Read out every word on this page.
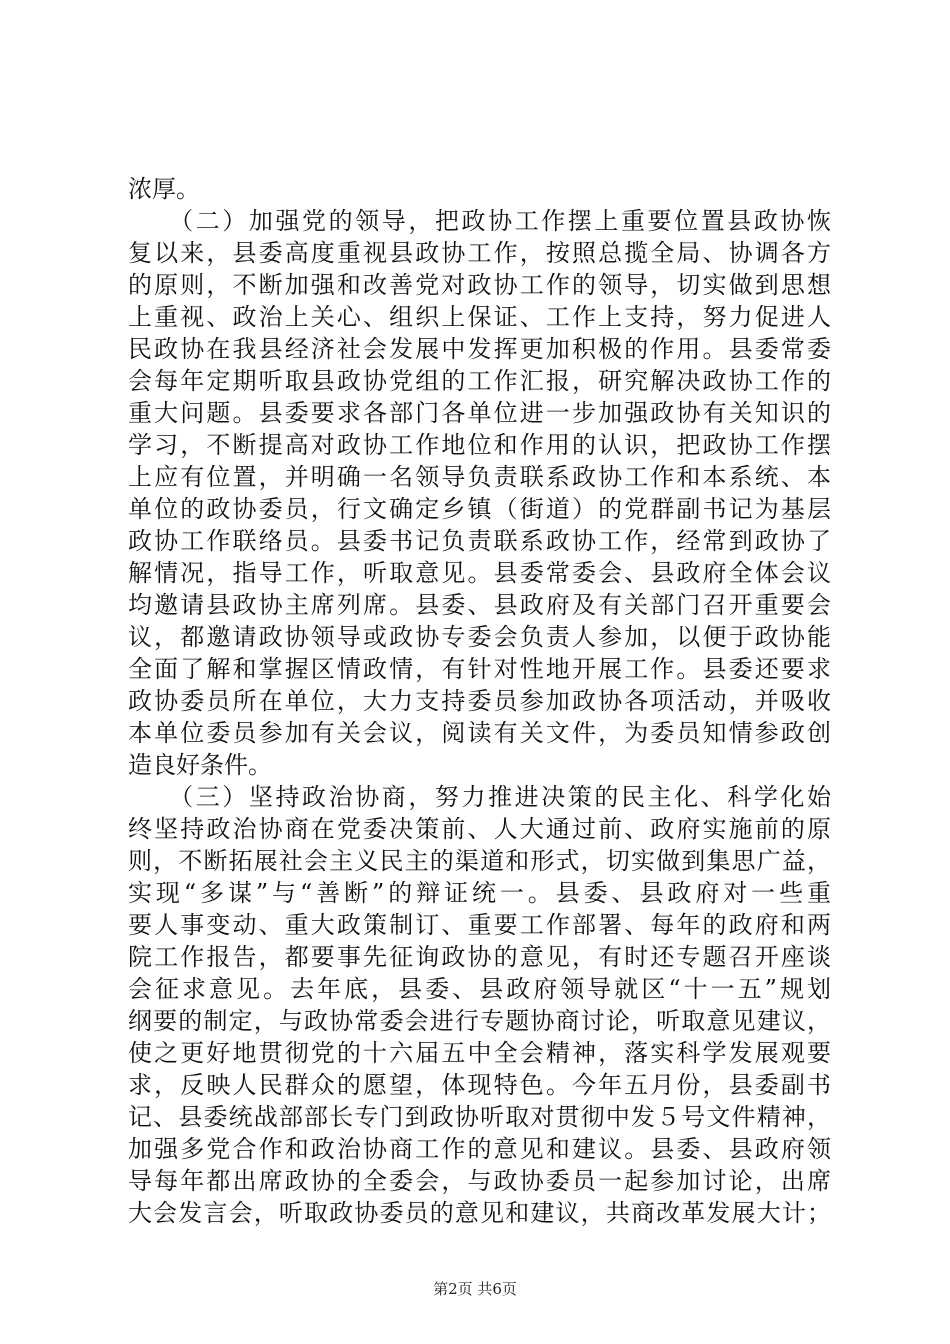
浓厚。
　　（二）加强党的领导，把政协工作摆上重要位置县政协恢
复以来，县委高度重视县政协工作，按照总揽全局、协调各方
的原则，不断加强和改善党对政协工作的领导，切实做到思想
上重视、政治上关心、组织上保证、工作上支持，努力促进人
民政协在我县经济社会发展中发挥更加积极的作用。县委常委
会每年定期听取县政协党组的工作汇报，研究解决政协工作的
重大问题。县委要求各部门各单位进一步加强政协有关知识的
学习，不断提高对政协工作地位和作用的认识，把政协工作摆
上应有位置，并明确一名领导负责联系政协工作和本系统、本
单位的政协委员，行文确定乡镇（街道）的党群副书记为基层
政协工作联络员。县委书记负责联系政协工作，经常到政协了
解情况，指导工作，听取意见。县委常委会、县政府全体会议
均邀请县政协主席列席。县委、县政府及有关部门召开重要会
议，都邀请政协领导或政协专委会负责人参加，以便于政协能
全面了解和掌握区情政情，有针对性地开展工作。县委还要求
政协委员所在单位，大力支持委员参加政协各项活动，并吸收
本单位委员参加有关会议，阅读有关文件，为委员知情参政创
造良好条件。
　　（三）坚持政治协商，努力推进决策的民主化、科学化始
终坚持政治协商在党委决策前、人大通过前、政府实施前的原
则，不断拓展社会主义民主的渠道和形式，切实做到集思广益，
实现“多谋”与“善断”的辩证统一。县委、县政府对一些重
要人事变动、重大政策制订、重要工作部署、每年的政府和两
院工作报告，都要事先征询政协的意见，有时还专题召开座谈
会征求意见。去年底，县委、县政府领导就区“十一五”规划
纲要的制定，与政协常委会进行专题协商讨论，听取意见建议，
使之更好地贯彻党的十六届五中全会精神，落实科学发展观要
求，反映人民群众的愿望，体现特色。今年五月份，县委副书
记、县委统战部部长专门到政协听取对贯彻中发５号文件精神，
加强多党合作和政治协商工作的意见和建议。县委、县政府领
导每年都出席政协的全委会，与政协委员一起参加讨论，出席
大会发言会，听取政协委员的意见和建议，共商改革发展大计；
第2页 共6页
